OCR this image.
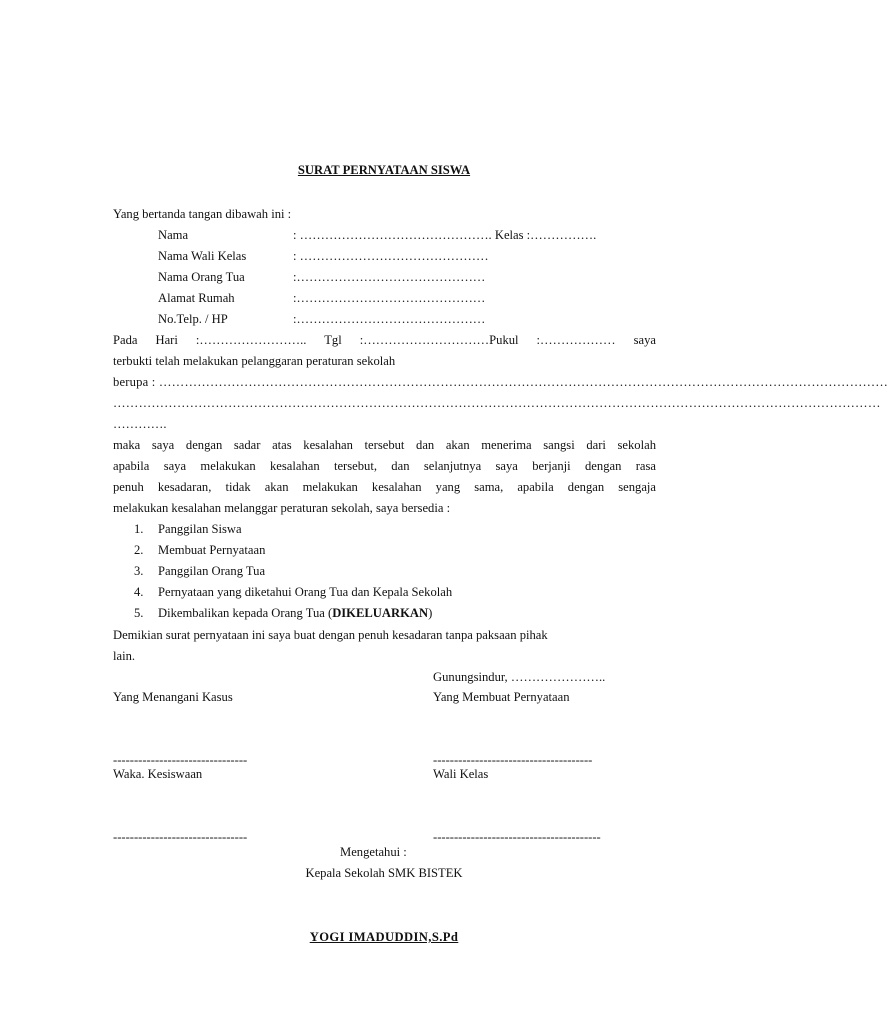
SURAT PERNYATAAN SISWA
Yang bertanda tangan dibawah ini :
Nama	: ………………………………………. Kelas :…………….
Nama Wali Kelas	: ………………………………………
Nama Orang Tua	:………………………………………
Alamat Rumah	:………………………………………
No.Telp. / HP	:………………………………………
Pada Hari :…………………….. Tgl :…………………………Pukul :……………… saya
terbukti telah melakukan pelanggaran peraturan sekolah
berupa : ………………………………………………………………………………………………………………………………………………………
………………………………………………………………………………………………………………………………………………………………
………….
maka saya dengan sadar atas kesalahan tersebut dan akan menerima sangsi dari sekolah
apabila saya melakukan kesalahan tersebut, dan selanjutnya saya berjanji dengan rasa
penuh kesadaran, tidak akan melakukan kesalahan yang sama, apabila dengan sengaja
melakukan kesalahan melanggar peraturan sekolah, saya bersedia :
1. Panggilan Siswa
2. Membuat Pernyataan
3. Panggilan Orang Tua
4. Pernyataan yang diketahui Orang Tua dan Kepala Sekolah
5. Dikembalikan kepada Orang Tua (DIKELUARKAN)
Demikian surat pernyataan ini saya buat dengan penuh kesadaran tanpa paksaan pihak
lain.
Gunungsindur, …………………..
Yang Menangani Kasus	Yang Membuat Pernyataan
--------------------------------	--------------------------------------
Waka. Kesiswaan	Wali Kelas
--------------------------------	----------------------------------------
Mengetahui :
Kepala Sekolah SMK BISTEK
YOGI IMADUDDIN,S.Pd
